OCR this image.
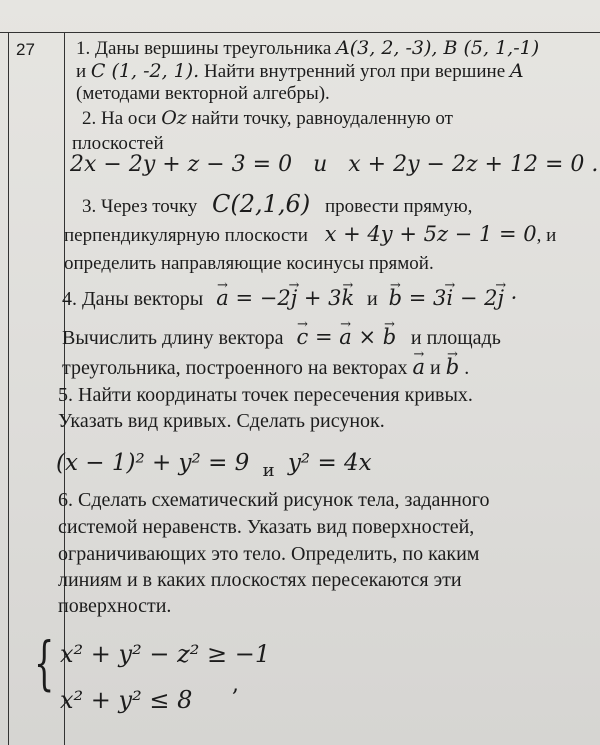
27 1. Даны вершины треугольника A(3, 2, -3), B (5, 1,-1)
и C (1, -2, 1). Найти внутренний угол при вершине A
(методами векторной алгебры).
2. На оси Oz найти точку, равноудаленную от
плоскостей
2x − 2y + z − 3 = 0 и x + 2y − 2z + 12 = 0 .
3. Через точку C(2,1,6) провести прямую,
перпендикулярную плоскости x + 4y + 5z − 1 = 0, и
определить направляющие косинусы прямой.
4. Даны векторы → a = −2→ j + 3→ k и → b = 3→ i − 2→ j ·
Вычислить длину вектора → c = → a × → b и площадь
треугольника, построенного на векторах → a и → b .
5. Найти координаты точек пересечения кривых.
Указать вид кривых. Сделать рисунок.
(x − 1)² + y² = 9 $_и$ y² = 4x
6. Сделать схематический рисунок тела, заданного
системой неравенств. Указать вид поверхностей,
ограничивающих это тело. Определить, по каким
линиям и в каких плоскостях пересекаются эти
поверхности.
{ x² + y² − z² ≥ −1
x² + y² ≤ 8
,
